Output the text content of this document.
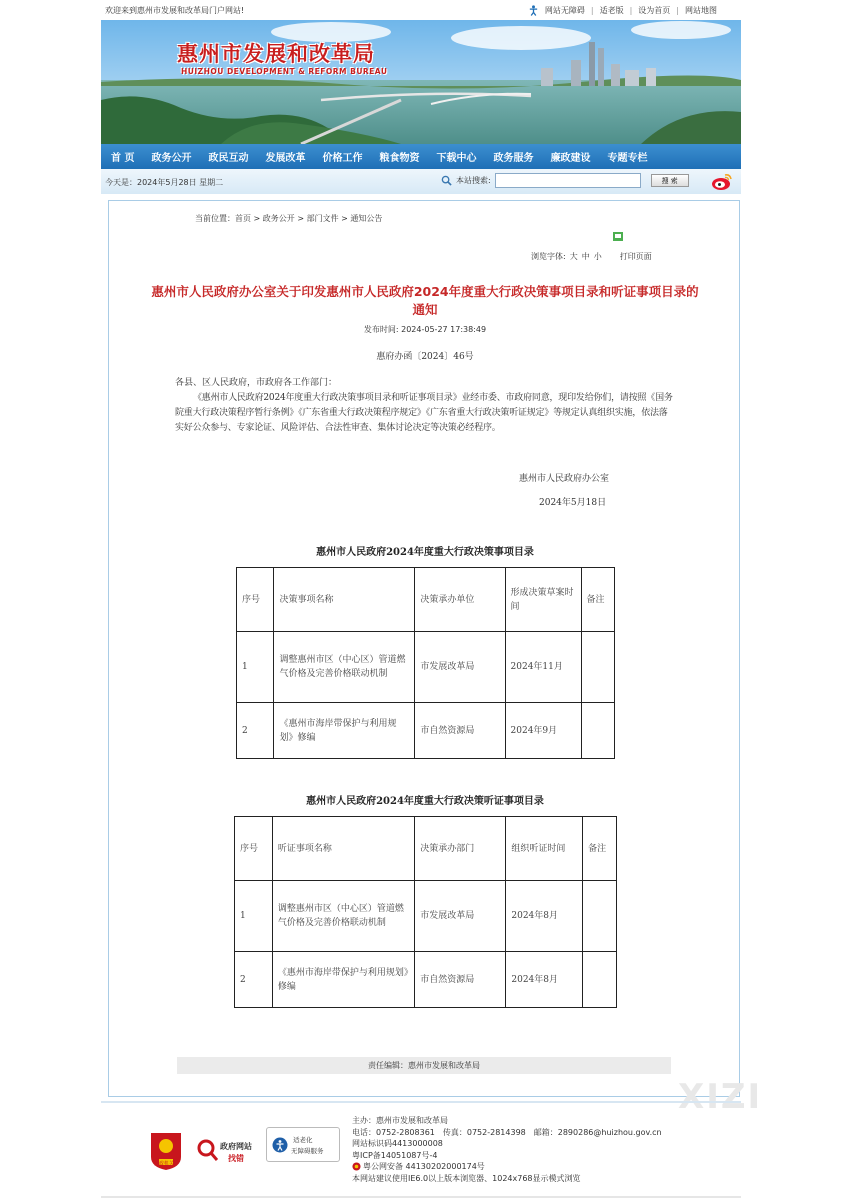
欢迎来到惠州市发展和改革局门户网站!	网站无障碍 | 适老版 | 设为首页 | 网站地图
惠州市发展和改革局
HUIZHOU DEVELOPMENT & REFORM BUREAU
首 页 政务公开 政民互动 发展改革 价格工作 粮食物资 下载中心 政务服务 廉政建设 专题专栏
今天是：2024年5月28日 星期二	本站搜索:	搜 索
当前位置：首页 > 政务公开 > 部门文件 > 通知公告
浏览字体: 大 中 小 打印页面
惠州市人民政府办公室关于印发惠州市人民政府2024年度重大行政决策事项目录和听证事项目录的通知
发布时间: 2024-05-27 17:38:49
惠府办函〔2024〕46号
各县、区人民政府，市政府各工作部门：
《惠州市人民政府2024年度重大行政决策事项目录和听证事项目录》业经市委、市政府同意，现印发给你们，请按照《国务院重大行政决策程序暂行条例》《广东省重大行政决策程序规定》《广东省重大行政决策听证规定》等规定认真组织实施，依法落实好公众参与、专家论证、风险评估、合法性审查、集体讨论决定等决策必经程序。
惠州市人民政府办公室
2024年5月18日
惠州市人民政府2024年度重大行政决策事项目录
序号	决策事项名称	决策承办单位	形成决策草案时间	备注
1	调整惠州市区（中心区）管道燃气价格及完善价格联动机制	市发展改革局	2024年11月	
2	《惠州市海岸带保护与利用规划》修编	市自然资源局	2024年9月	
惠州市人民政府2024年度重大行政决策听证事项目录
序号	听证事项名称	决策承办部门	组织听证时间	备注
1	调整惠州市区（中心区）管道燃气价格及完善价格联动机制	市发展改革局	2024年8月	
2	《惠州市海岸带保护与利用规划》修编	市自然资源局	2024年8月	
责任编辑：惠州市发展和改革局
XIZI
党政机关
政府网站
找错
适老化
无障碍服务
主办：惠州市发展和改革局
电话：0752-2808361　传真：0752-2814398　邮箱：2890286@huizhou.gov.cn
网站标识码4413000008
粤ICP备14051087号-4
粤公网安备 44130202000174号
本网站建议使用IE6.0以上版本浏览器、1024x768显示模式浏览
